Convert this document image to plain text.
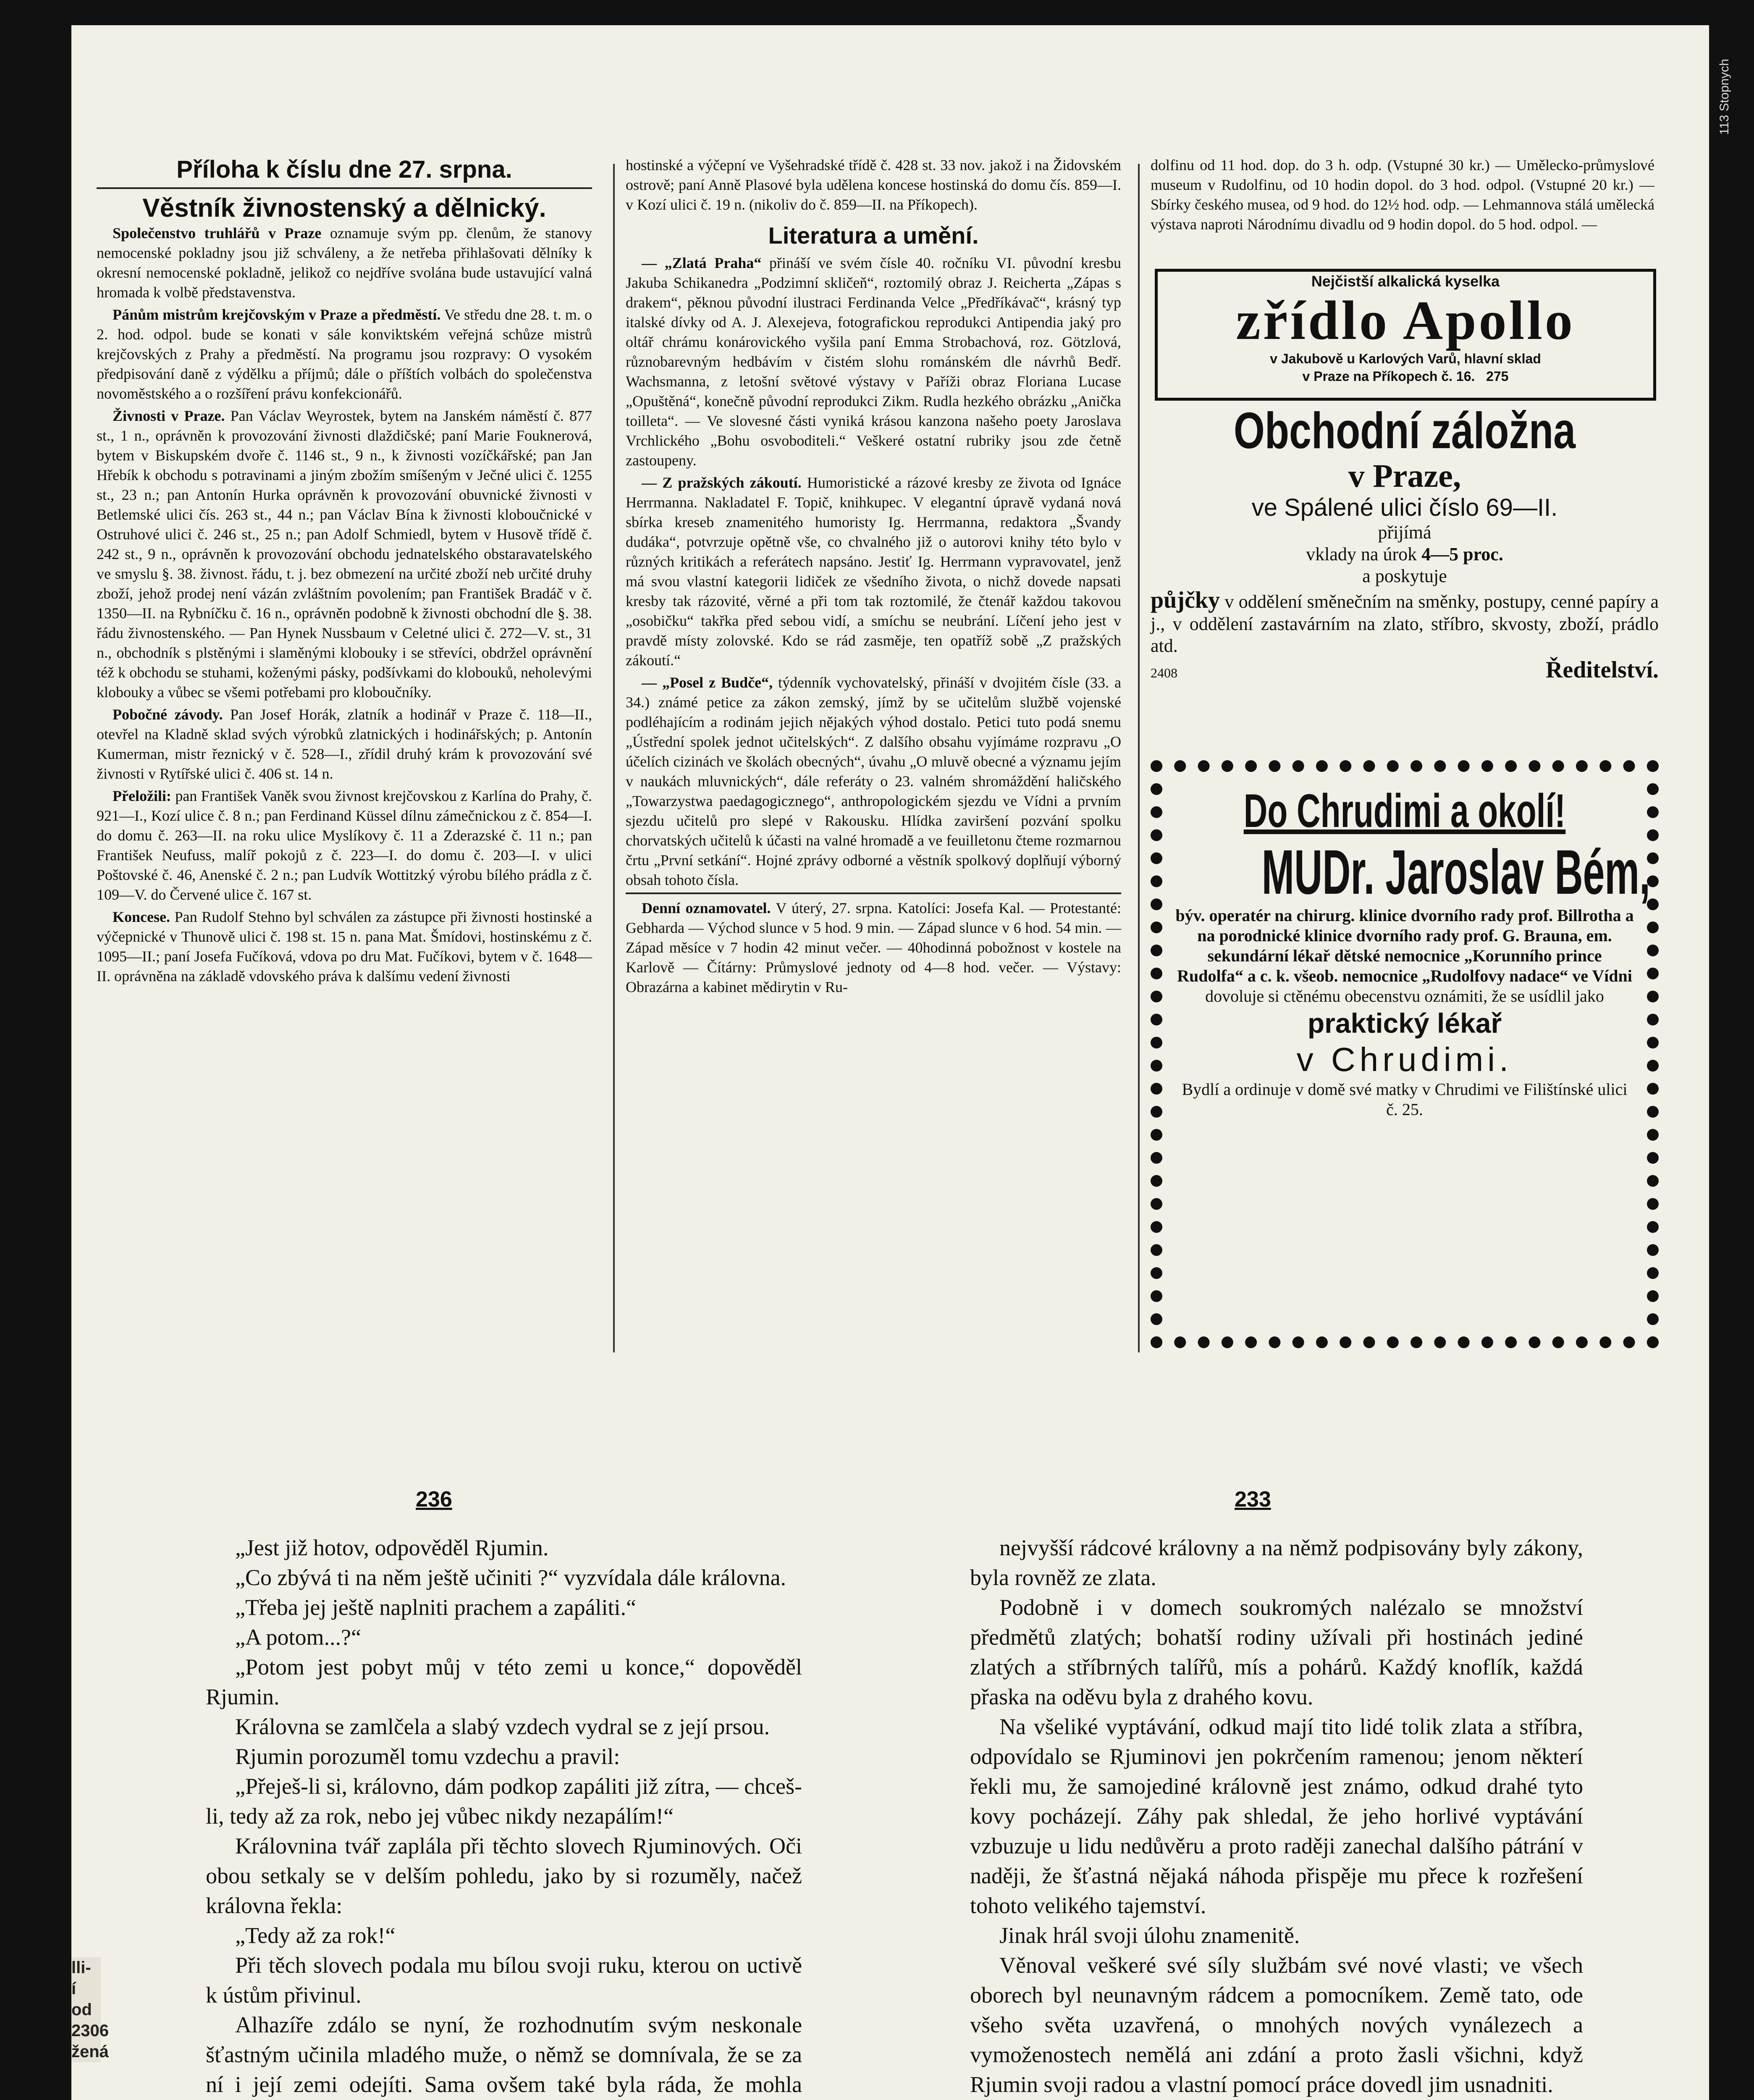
Příloha k číslu dne 27. srpna.
Věstník živnostenský a dělnický.

Společenstvo truhlářů v Praze oznamuje svým pp. členům, že stanovy nemocenské pokladny jsou již schváleny, a že netřeba přihlašovati dělníky k okresní nemocenské pokladně, jelikož co nejdříve svolána bude ustavující valná hromada k volbě představenstva.

Pánům mistrům krejčovským v Praze a předměstí. Ve středu dne 28. t. m. o 2. hod. odpol. bude se konati v sále konviktském veřejná schůze mistrů krejčovských z Prahy a předměstí. Na programu jsou rozpravy: O vysokém předpisování daně z výdělku a příjmů; dále o příštích volbách do společenstva novoměstského a o rozšíření právu konfekcionářů.

Živnosti v Praze. Pan Václav Weyrostek, bytem na Janském náměstí č. 877 st., 1 n., oprávněn k provozování živnosti dlaždičské; paní Marie Fouknerová, bytem v Biskupském dvoře č. 1146 st., 9 n., k živnosti vozíčkářské; pan Jan Hřebík k obchodu s potravinami a jiným zbožím smíšeným v Ječné ulici č. 1255 st., 23 n.; pan Antonín Hurka oprávněn k provozování obuvnické živnosti v Betlemské ulici čís. 263 st., 44 n.; pan Václav Bína k živnosti kloboučnické v Ostruhové ulici č. 246 st., 25 n.; pan Adolf Schmiedl, bytem v Husově třídě č. 242 st., 9 n., oprávněn k provozování obchodu jednatelského obstaravatelského ve smyslu §. 38. živnost. řádu, t. j. bez obmezení na určité zboží neb určité druhy zboží, jehož prodej není vázán zvláštním povolením; pan František Bradáč v č. 1350—II. na Rybníčku č. 16 n., oprávněn podobně k živnosti obchodní dle §. 38. řádu živnostenského. — Pan Hynek Nussbaum v Celetné ulici č. 272—V. st., 31 n., obchodník s plstěnými i slaměnými klobouky i se střevíci, obdržel oprávnění též k obchodu se stuhami, koženými pásky, podšívkami do klobouků, neholevými klobouky a vůbec se všemi potřebami pro kloboučníky.

Pobočné závody. Pan Josef Horák, zlatník a hodinář v Praze č. 118—II., otevřel na Kladně sklad svých výrobků zlatnických i hodinářských; p. Antonín Kumerman, mistr řeznický v č. 528—I., zřídil druhý krám k provozování své živnosti v Rytířské ulici č. 406 st. 14 n.

Přeložili: pan František Vaněk svou živnost krejčovskou z Karlína do Prahy, č. 921—I., Kozí ulice č. 8 n.; pan Ferdinand Küssel dílnu zámečnickou z č. 854—I. do domu č. 263—II. na roku ulice Myslíkovy č. 11 a Zderazské č. 11 n.; pan František Neufuss, malíř pokojů z č. 223—I. do domu č. 203—I. v ulici Poštovské č. 46, Anenské č. 2 n.; pan Ludvík Wottitzký výrobu bílého prádla z č. 109—V. do Červené ulice č. 167 st.

Koncese. Pan Rudolf Stehno byl schválen za zástupce při živnosti hostinské a výčepnické v Thunově ulici č. 198 st. 15 n. pana Mat. Šmídovi, hostinskému z č. 1095—II.; paní Josefa Fučíková, vdova po dru Mat. Fučíkovi, bytem v č. 1648—II. oprávněna na základě vdovského práva k dalšímu vedení živnosti

hostinské a výčepní ve Vyšehradské třídě č. 428 st. 33 nov. jakož i na Židovském ostrově; paní Anně Plasové byla udělena koncese hostinská do domu čís. 859—I. v Kozí ulici č. 19 n. (nikoliv do č. 859—II. na Příkopech).

Literatura a umění.

— „Zlatá Praha“ přináší ve svém čísle 40. ročníku VI. původní kresbu Jakuba Schikanedra „Podzimní skličeň“, roztomilý obraz J. Reicherta „Zápas s drakem“, pěknou původní ilustraci Ferdinanda Velce „Předříkávač“, krásný typ italské dívky od A. J. Alexejeva, fotografickou reprodukci Antipendia jaký pro oltář chrámu konárovického vyšila paní Emma Strobachová, roz. Götzlová, různobarevným hedbávím v čistém slohu románském dle návrhů Bedř. Wachsmanna, z letošní světové výstavy v Paříži obraz Floriana Lucase „Opuštěná“, konečně původní reprodukci Zikm. Rudla hezkého obrázku „Anička toilleta“. — Ve slovesné části vyniká krásou kanzona našeho poety Jaroslava Vrchlického „Bohu osvoboditeli.“ Veškeré ostatní rubriky jsou zde četně zastoupeny.

— Z pražských zákoutí. Humoristické a rázové kresby ze života od Ignáce Herrmanna. Nakladatel F. Topič, knihkupec. V elegantní úpravě vydaná nová sbírka kreseb znamenitého humoristy Ig. Herrmanna, redaktora „Švandy dudáka“, potvrzuje opětně vše, co chvalného již o autorovi knihy této bylo v různých kritikách a referátech napsáno. Jestiť Ig. Herrmann vypravovatel, jenž má svou vlastní kategorii lidiček ze všedního života, o nichž dovede napsati kresby tak rázovité, věrné a při tom tak roztomilé, že čtenář každou takovou „osobičku“ takřka před sebou vidí, a smíchu se neubrání. Líčení jeho jest v pravdě místy zolovské. Kdo se rád zasměje, ten opatříž sobě „Z pražských zákoutí.“

— „Posel z Budče“, týdenník vychovatelský, přináší v dvojitém čísle (33. a 34.) známé petice za zákon zemský, jímž by se učitelům službě vojenské podléhajícím a rodinám jejich nějakých výhod dostalo. Petici tuto podá snemu „Ústřední spolek jednot učitelských“. Z dalšího obsahu vyjímáme rozpravu „O účelích cizinách ve školách obecných“, úvahu „O mluvě obecné a významu jejím v naukách mluvnických“, dále referáty o 23. valném shromáždění haličského „Towarzystwa paedagogicznego“, anthropologickém sjezdu ve Vídni a prvním sjezdu učitelů pro slepé v Rakousku. Hlídka zaviršení pozvání spolku chorvatských učitelů k účasti na valné hromadě a ve feuilletonu čteme rozmarnou črtu „První setkání“. Hojné zprávy odborné a věstník spolkový doplňují výborný obsah tohoto čísla.

Denní oznamovatel. V úterý, 27. srpna. Katolíci: Josefa Kal. — Protestanté: Gebharda — Východ slunce v 5 hod. 9 min. — Západ slunce v 6 hod. 54 min. — Západ měsíce v 7 hodin 42 minut večer. — 40hodinná pobožnost v kostele na Karlově — Čítárny: Průmyslové jednoty od 4—8 hod. večer. — Výstavy: Obrazárna a kabinet mědirytin v Ru-

dolfinu od 11 hod. dop. do 3 h. odp. (Vstupné 30 kr.) — Umělecko-průmyslové museum v Rudolfinu, od 10 hodin dopol. do 3 hod. odpol. (Vstupné 20 kr.) — Sbírky českého musea, od 9 hod. do 12½ hod. odp. — Lehmannova stálá umělecká výstava naproti Národnímu divadlu od 9 hodin dopol. do 5 hod. odpol. —

Nejčistší alkalická kyselka
zřídlo Apollo
v Jakubově u Karlových Varů, hlavní sklad
v Praze na Příkopech č. 16. 275
Obchodní záložna
v Praze,
ve Spálené ulici číslo 69—II.
přijímá
vklady na úrok 4—5 proc.
a poskytuje
půjčky v oddělení směnečním na směnky, postupy, cenné papíry a j., v oddělení zastavárním na zlato, stříbro, skvosty, zboží, prádlo atd.
2408	Ředitelství.
Do Chrudimi a okolí!
MUDr. Jaroslav Bém,
býv. operatér na chirurg. klinice dvorního rady prof. Billrotha a na porodnické klinice dvorního rady prof. G. Brauna, em. sekundární lékař dětské nemocnice „Korunního prince Rudolfa“ a c. k. všeob. nemocnice „Rudolfovy nadace“ ve Vídni
dovoluje si ctěnému obecenstvu oznámiti, že se usídlil jako
praktický lékař
v Chrudimi.
Bydlí a ordinuje v domě své matky v Chrudimi ve Filištínské ulici č. 25.
236	233

„Jest již hotov, odpověděl Rjumin.

„Co zbývá ti na něm ještě učiniti ?“ vyzvídala dále královna.

„Třeba jej ještě naplniti prachem a zapáliti.“

„A potom...?“

„Potom jest pobyt můj v této zemi u konce,“ dopověděl Rjumin.

Královna se zamlčela a slabý vzdech vydral se z její prsou.

Rjumin porozuměl tomu vzdechu a pravil:

„Přeješ-li si, královno, dám podkop zapáliti již zítra, — chceš-li, tedy až za rok, nebo jej vůbec nikdy nezapálím!“

Královnina tvář zaplála při těchto slovech Rjuminových. Oči obou setkaly se v delším pohledu, jako by si rozuměly, načež královna řekla:

„Tedy až za rok!“

Při těch slovech podala mu bílou svoji ruku, kterou on uctivě k ústům přivinul.

Alhazíře zdálo se nyní, že rozhodnutím svým neskonale šťastným učinila mladého muže, o němž se domnívala, že se za ní i její zemi odejíti. Sama ovšem také byla ráda, že mohla

nejvyšší rádcové královny a na němž podpisovány byly zákony, byla rovněž ze zlata.

Podobně i v domech soukromých nalézalo se množství předmětů zlatých; bohatší rodiny užívali při hostinách jediné zlatých a stříbrných talířů, mís a pohárů. Každý knoflík, každá přaska na oděvu byla z drahého kovu.

Na všeliké vyptávání, odkud mají tito lidé tolik zlata a stříbra, odpovídalo se Rjuminovi jen pokrčením ramenou; jenom některí řekli mu, že samojediné královně jest známo, odkud drahé tyto kovy pocházejí. Záhy pak shledal, že jeho horlivé vyptávání vzbuzuje u lidu nedůvěru a proto raději zanechal dalšího pátrání v naději, že šťastná nějaká náhoda přispěje mu přece k rozřešení tohoto velikého tajemství.

Jinak hrál svoji úlohu znamenitě.

Věnoval veškeré své síly službám své nové vlasti; ve všech oborech byl neunavným rádcem a pomocníkem. Země tato, ode všeho světa uzavřená, o mnohých nových vynálezech a vymoženostech nemělá ani zdání a proto žasli všichni, když Rjumin svoji radou a vlastní pomocí práce dovedl jim usnadniti.

lli-
í od
2306
žená
113 Stopnych
